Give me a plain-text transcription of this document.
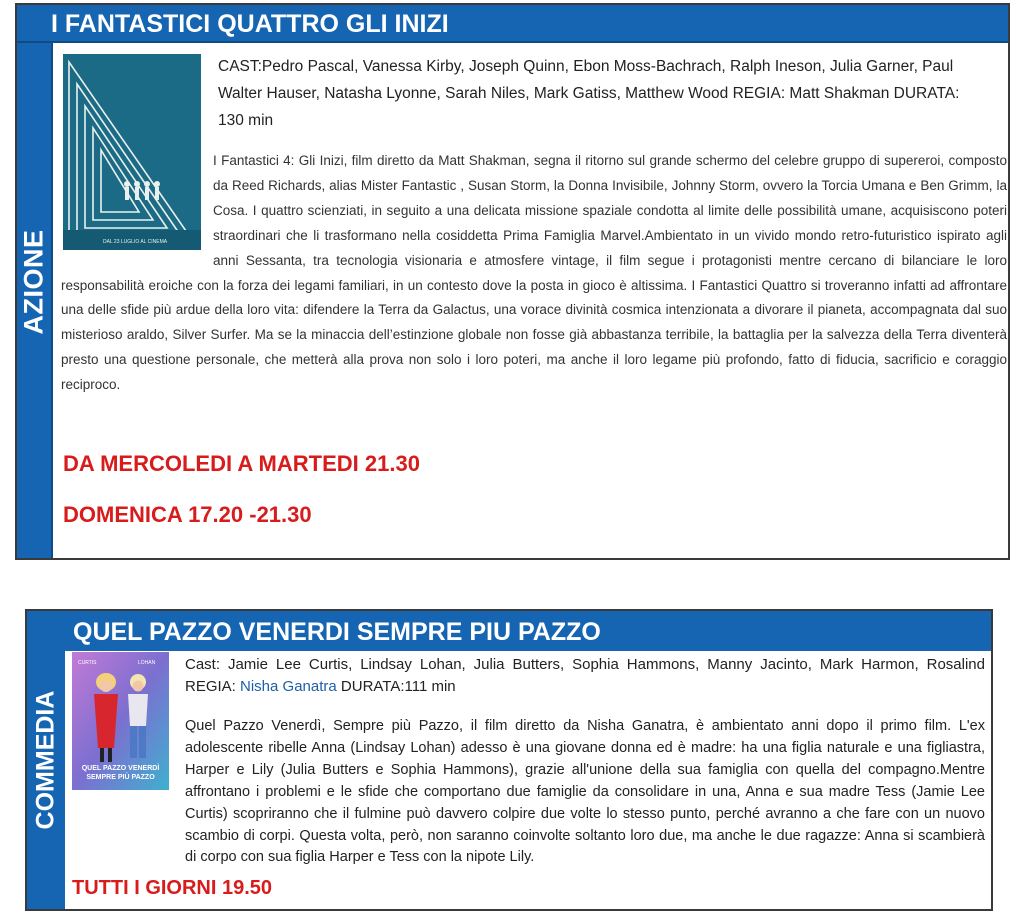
AZIONE
I FANTASTICI QUATTRO GLI INIZI
DAL 23 LUGLIO AL CINEMA
CAST:Pedro Pascal, Vanessa Kirby, Joseph Quinn, Ebon Moss-Bachrach, Ralph Ineson, Julia Garner, Paul Walter Hauser, Natasha Lyonne, Sarah Niles, Mark Gatiss, Matthew Wood REGIA: Matt Shakman DURATA: 130 min
I Fantastici 4: Gli Inizi, film diretto da Matt Shakman, segna il ritorno sul grande schermo del celebre gruppo di supereroi, composto da Reed Richards, alias Mister Fantastic , Susan Storm, la Donna Invisibile, Johnny Storm, ovvero la Torcia Umana e Ben Grimm, la Cosa. I quattro scienziati, in seguito a una delicata missione spaziale condotta al limite delle possibilità umane, acquisiscono poteri straordinari che li trasformano nella cosiddetta Prima Famiglia Marvel.Ambientato in un vivido mondo retro-futuristico ispirato agli anni Sessanta, tra tecnologia visionaria e atmosfere vintage, il film segue i protagonisti mentre cercano di bilanciare le loro responsabilità eroiche con la forza dei legami familiari, in un contesto dove la posta in gioco è altissima. I Fantastici Quattro si troveranno infatti ad affrontare una delle sfide più ardue della loro vita: difendere la Terra da Galactus, una vorace divinità cosmica intenzionata a divorare il pianeta, accompagnata dal suo misterioso araldo, Silver Surfer. Ma se la minaccia dell’estinzione globale non fosse già abbastanza terribile, la battaglia per la salvezza della Terra diventerà presto una questione personale, che metterà alla prova non solo i loro poteri, ma anche il loro legame più profondo, fatto di fiducia, sacrificio e coraggio reciproco.
DA MERCOLEDI A MARTEDI 21.30
DOMENICA 17.20 -21.30
COMMEDIA
QUEL PAZZO VENERDI SEMPRE PIU PAZZO
CURTIS	LOHAN
QUEL PAZZO VENERDÌ
SEMPRE PIÙ PAZZO
Cast: Jamie Lee Curtis, Lindsay Lohan, Julia Butters, Sophia Hammons, Manny Jacinto, Mark Harmon, Rosalind REGIA: Nisha Ganatra DURATA:111 min
Quel Pazzo Venerdì, Sempre più Pazzo, il film diretto da Nisha Ganatra, è ambientato anni dopo il primo film. L'ex adolescente ribelle Anna (Lindsay Lohan) adesso è una giovane donna ed è madre: ha una figlia naturale e una figliastra, Harper e Lily (Julia Butters e Sophia Hammons), grazie all'unione della sua famiglia con quella del compagno.Mentre affrontano i problemi e le sfide che comportano due famiglie da consolidare in una, Anna e sua madre Tess (Jamie Lee Curtis) scopriranno che il fulmine può davvero colpire due volte lo stesso punto, perché avranno a che fare con un nuovo scambio di corpi. Questa volta, però, non saranno coinvolte soltanto loro due, ma anche le due ragazze: Anna si scambierà di corpo con sua figlia Harper e Tess con la nipote Lily.
TUTTI I GIORNI 19.50
